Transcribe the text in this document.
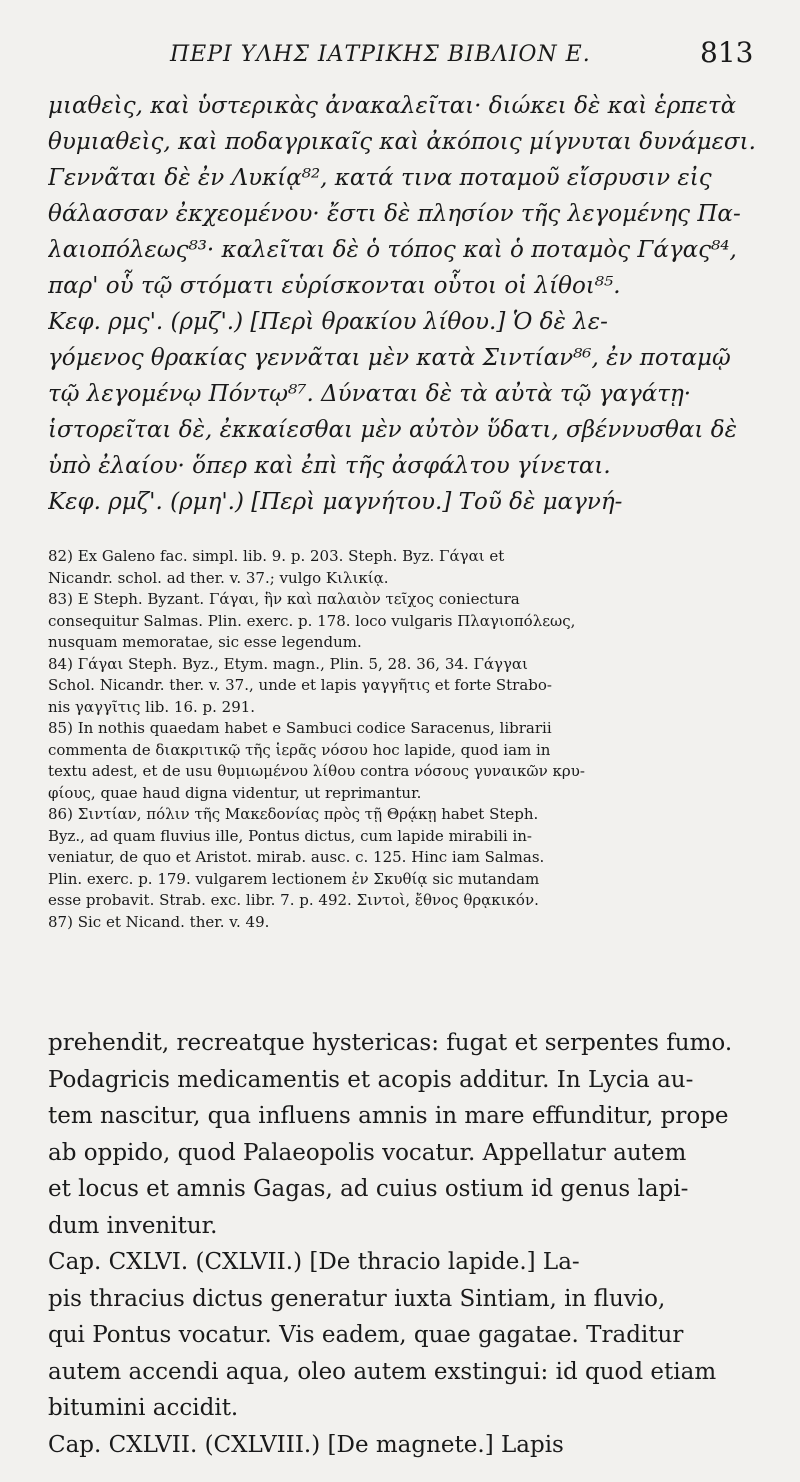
ΠΕΡΙ ΥΛΗΣ ΙΑΤΡΙΚΗΣ ΒΙΒΛΙΟΝ Ε.	813
μιαθεὶς, καὶ ὑστερικὰς ἀνακαλεῖται· διώκει δὲ καὶ ἑρπετὰ
θυμιαθεὶς, καὶ ποδαγρικαῖς καὶ ἀκόποις μίγνυται δυνάμεσι.
Γεννᾶται δὲ ἐν Λυκίᾳ⁸², κατά τινα ποταμοῦ εἴσρυσιν εἰς
θάλασσαν ἐκχεομένου· ἔστι δὲ πλησίον τῆς λεγομένης Πα-
λαιοπόλεως⁸³· καλεῖται δὲ ὁ τόπος καὶ ὁ ποταμὸς Γάγας⁸⁴,
παρ' οὗ τῷ στόματι εὑρίσκονται οὗτοι οἱ λίθοι⁸⁵.
Κεφ. ρμς'. (ρμζ'.) [Περὶ θρακίου λίθου.] Ὁ δὲ λε-
γόμενος θρακίας γεννᾶται μὲν κατὰ Σιντίαν⁸⁶, ἐν ποταμῷ
τῷ λεγομένῳ Πόντῳ⁸⁷. Δύναται δὲ τὰ αὐτὰ τῷ γαγάτῃ·
ἱστορεῖται δὲ, ἐκκαίεσθαι μὲν αὐτὸν ὕδατι, σβέννυσθαι δὲ
ὑπὸ ἐλαίου· ὅπερ καὶ ἐπὶ τῆς ἀσφάλτου γίνεται.
Κεφ. ρμζ'. (ρμη'.) [Περὶ μαγνήτου.] Τοῦ δὲ μαγνή-
82) Ex Galeno fac. simpl. lib. 9. p. 203. Steph. Byz. Γάγαι et
Nicandr. schol. ad ther. v. 37.; vulgo Κιλικίᾳ.
83) E Steph. Byzant. Γάγαι, ἣν καὶ παλαιὸν τεῖχος coniectura
consequitur Salmas. Plin. exerc. p. 178. loco vulgaris Πλαγιοπόλεως,
nusquam memoratae, sic esse legendum.
84) Γάγαι Steph. Byz., Etym. magn., Plin. 5, 28. 36, 34. Γάγγαι
Schol. Nicandr. ther. v. 37., unde et lapis γαγγῆτις et forte Strabo-
nis γαγγῖτις lib. 16. p. 291.
85) In nothis quaedam habet e Sambuci codice Saracenus, librarii
commenta de διακριτικῷ τῆς ἱερᾶς νόσου hoc lapide, quod iam in
textu adest, et de usu θυμιωμένου λίθου contra νόσους γυναικῶν κρυ-
φίους, quae haud digna videntur, ut reprimantur.
86) Σιντίαν, πόλιν τῆς Μακεδονίας πρὸς τῇ Θρᾴκῃ habet Steph.
Byz., ad quam fluvius ille, Pontus dictus, cum lapide mirabili in-
veniatur, de quo et Aristot. mirab. ausc. c. 125. Hinc iam Salmas.
Plin. exerc. p. 179. vulgarem lectionem ἐν Σκυθίᾳ sic mutandam
esse probavit. Strab. exc. libr. 7. p. 492. Σιντοὶ, ἔθνος θρᾳκικόν.
87) Sic et Nicand. ther. v. 49.
prehendit, recreatque hystericas: fugat et serpentes fumo.
Podagricis medicamentis et acopis additur. In Lycia au-
tem nascitur, qua influens amnis in mare effunditur, prope
ab oppido, quod Palaeopolis vocatur. Appellatur autem
et locus et amnis Gagas, ad cuius ostium id genus lapi-
dum invenitur.
Cap. CXLVI. (CXLVII.) [De thracio lapide.] La-
pis thracius dictus generatur iuxta Sintiam, in fluvio,
qui Pontus vocatur. Vis eadem, quae gagatae. Traditur
autem accendi aqua, oleo autem exstingui: id quod etiam
bitumini accidit.
Cap. CXLVII. (CXLVIII.) [De magnete.] Lapis
